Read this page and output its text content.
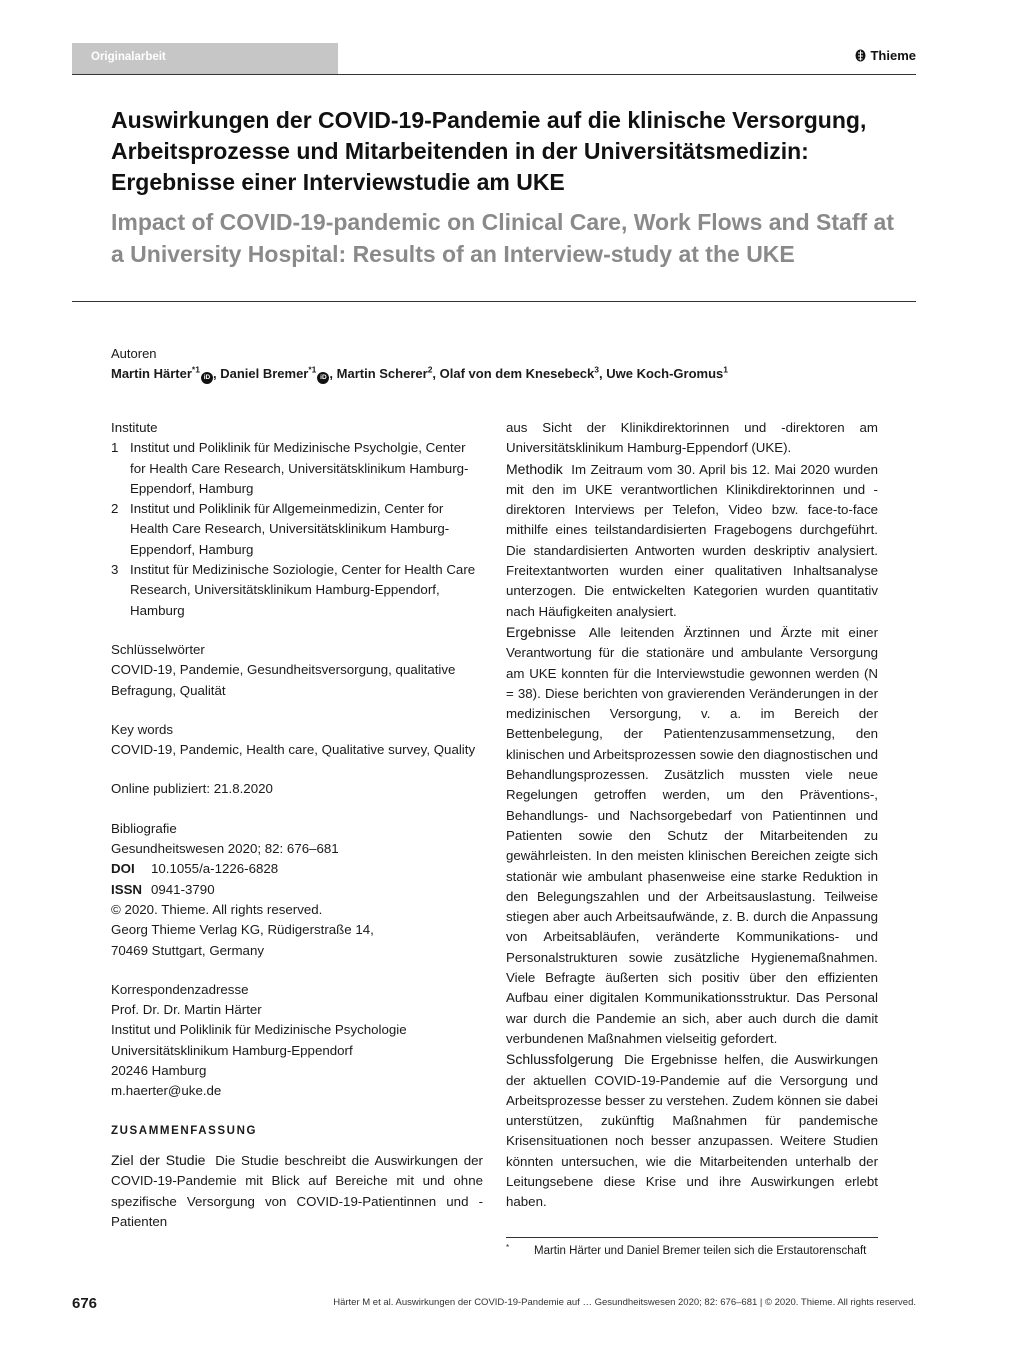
Originalarbeit	Thieme
Auswirkungen der COVID-19-Pandemie auf die klinische Versorgung, Arbeitsprozesse und Mitarbeitenden in der Universitätsmedizin: Ergebnisse einer Interviewstudie am UKE
Impact of COVID-19-pandemic on Clinical Care, Work Flows and Staff at a University Hospital: Results of an Interview-study at the UKE
Autoren
Martin Härter$^{*1}$iD , Daniel Bremer$^{*1}$iD , Martin Scherer$^2$, Olaf von dem Knesebeck$^3$, Uwe Koch-Gromus$^1$
Institute
1 Institut und Poliklinik für Medizinische Psycholgie, Center for Health Care Research, Universitätsklinikum Hamburg-Eppendorf, Hamburg
2 Institut und Poliklinik für Allgemeinmedizin, Center for Health Care Research, Universitätsklinikum Hamburg-Eppendorf, Hamburg
3 Institut für Medizinische Soziologie, Center for Health Care Research, Universitätsklinikum Hamburg-Eppendorf, Hamburg
Schlüsselwörter
COVID-19, Pandemie, Gesundheitsversorgung, qualitative Befragung, Qualität
Key words
COVID-19, Pandemic, Health care, Qualitative survey, Quality
Online publiziert: 21.8.2020
Bibliografie
Gesundheitswesen 2020; 82: 676–681
DOI 10.1055/a-1226-6828
ISSN 0941-3790
© 2020. Thieme. All rights reserved.
Georg Thieme Verlag KG, Rüdigerstraße 14,
70469 Stuttgart, Germany
Korrespondenzadresse
Prof. Dr. Dr. Martin Härter
Institut und Poliklinik für Medizinische Psychologie
Universitätsklinikum Hamburg-Eppendorf
20246 Hamburg
m.haerter@uke.de
ZUSAMMENFASSUNG
Ziel der Studie Die Studie beschreibt die Auswirkungen der COVID-19-Pandemie mit Blick auf Bereiche mit und ohne spezifische Versorgung von COVID-19-Patientinnen und -Patienten

aus Sicht der Klinikdirektorinnen und -direktoren am Universitätsklinikum Hamburg-Eppendorf (UKE).

Methodik Im Zeitraum vom 30. April bis 12. Mai 2020 wurden mit den im UKE verantwortlichen Klinikdirektorinnen und -direktoren Interviews per Telefon, Video bzw. face-to-face mithilfe eines teilstandardisierten Fragebogens durchgeführt. Die standardisierten Antworten wurden deskriptiv analysiert. Freitextantworten wurden einer qualitativen Inhaltsanalyse unterzogen. Die entwickelten Kategorien wurden quantitativ nach Häufigkeiten analysiert.

Ergebnisse Alle leitenden Ärztinnen und Ärzte mit einer Verantwortung für die stationäre und ambulante Versorgung am UKE konnten für die Interviewstudie gewonnen werden (N = 38). Diese berichten von gravierenden Veränderungen in der medizinischen Versorgung, v. a. im Bereich der Bettenbelegung, der Patientenzusammensetzung, den klinischen und Arbeitsprozessen sowie den diagnostischen und Behandlungsprozessen. Zusätzlich mussten viele neue Regelungen getroffen werden, um den Präventions-, Behandlungs- und Nachsorgebedarf von Patientinnen und Patienten sowie den Schutz der Mitarbeitenden zu gewährleisten. In den meisten klinischen Bereichen zeigte sich stationär wie ambulant phasenweise eine starke Reduktion in den Belegungszahlen und der Arbeitsauslastung. Teilweise stiegen aber auch Arbeitsaufwände, z. B. durch die Anpassung von Arbeitsabläufen, veränderte Kommunikations- und Personalstrukturen sowie zusätzliche Hygienemaßnahmen. Viele Befragte äußerten sich positiv über den effizienten Aufbau einer digitalen Kommunikationsstruktur. Das Personal war durch die Pandemie an sich, aber auch durch die damit verbundenen Maßnahmen vielseitig gefordert.

Schlussfolgerung Die Ergebnisse helfen, die Auswirkungen der aktuellen COVID-19-Pandemie auf die Versorgung und Arbeitsprozesse besser zu verstehen. Zudem können sie dabei unterstützen, zukünftig Maßnahmen für pandemische Krisensituationen noch besser anzupassen. Weitere Studien könnten untersuchen, wie die Mitarbeitenden unterhalb der Leitungsebene diese Krise und ihre Auswirkungen erlebt haben.

* Martin Härter und Daniel Bremer teilen sich die Erstautorenschaft
676	Härter M et al. Auswirkungen der COVID-19-Pandemie auf … Gesundheitswesen 2020; 82: 676–681 | © 2020. Thieme. All rights reserved.
